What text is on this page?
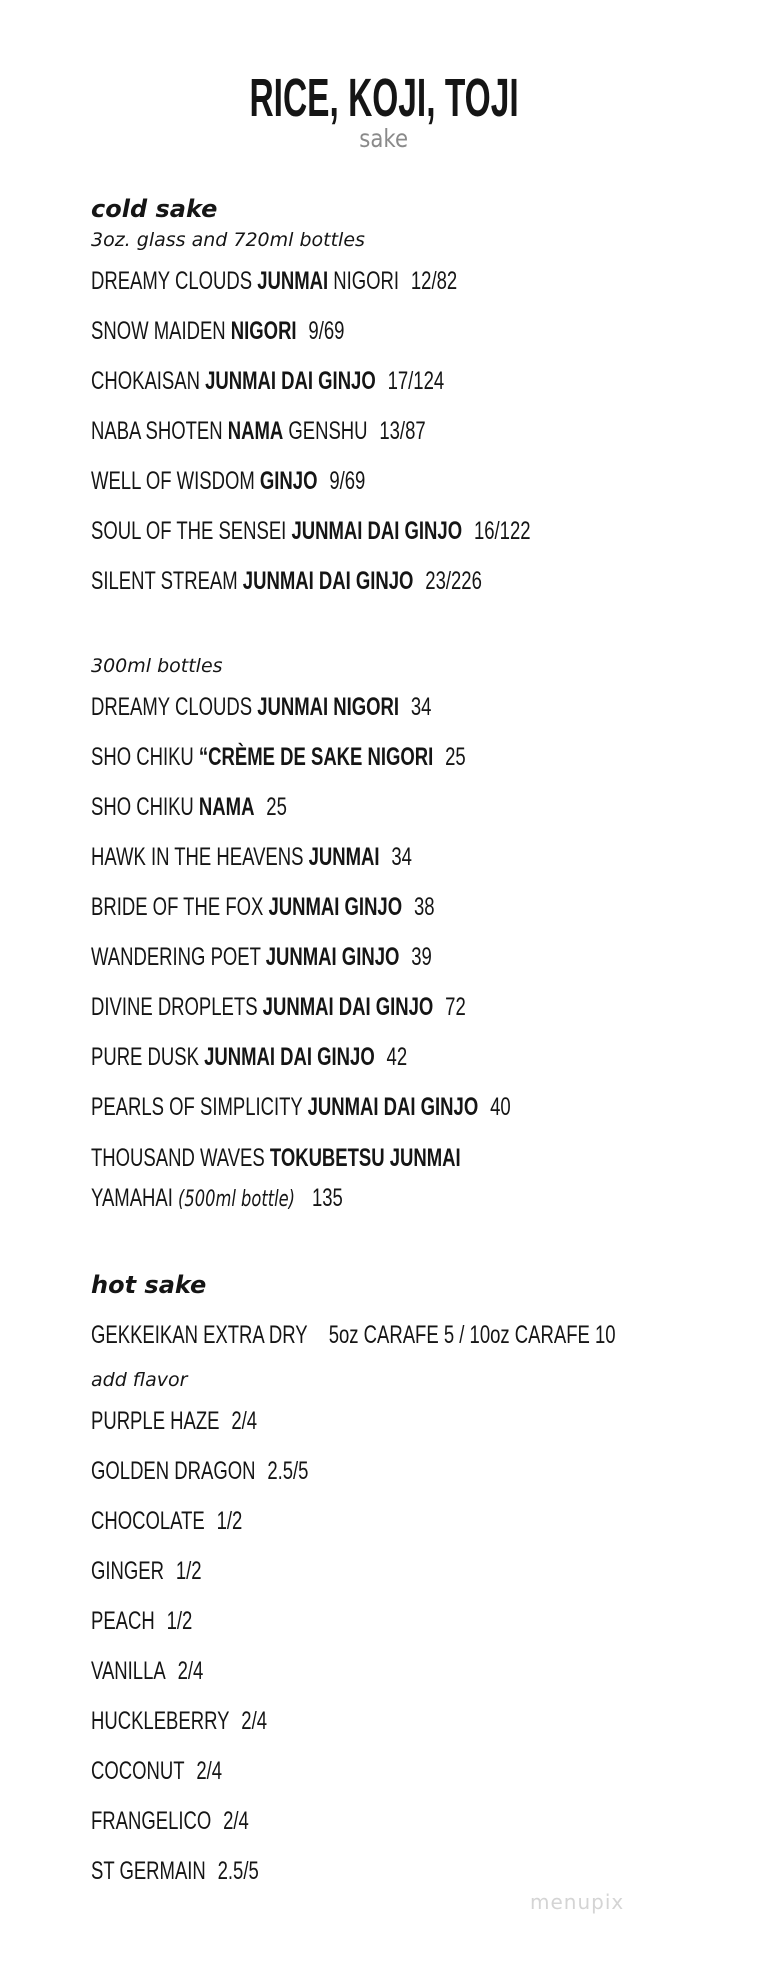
RICE, KOJI, TOJI
sake
cold sake
3oz. glass and 720ml bottles
DREAMY CLOUDS JUNMAI NIGORI 12/82
SNOW MAIDEN NIGORI 9/69
CHOKAISAN JUNMAI DAI GINJO 17/124
NABA SHOTEN NAMA GENSHU 13/87
WELL OF WISDOM GINJO 9/69
SOUL OF THE SENSEI JUNMAI DAI GINJO 16/122
SILENT STREAM JUNMAI DAI GINJO 23/226
300ml bottles
DREAMY CLOUDS JUNMAI NIGORI 34
SHO CHIKU “CRÈME DE SAKE NIGORI 25
SHO CHIKU NAMA 25
HAWK IN THE HEAVENS JUNMAI 34
BRIDE OF THE FOX JUNMAI GINJO 38
WANDERING POET JUNMAI GINJO 39
DIVINE DROPLETS JUNMAI DAI GINJO 72
PURE DUSK JUNMAI DAI GINJO 42
PEARLS OF SIMPLICITY JUNMAI DAI GINJO 40
THOUSAND WAVES TOKUBETSU JUNMAI
YAMAHAI (500ml bottle) 135
hot sake
GEKKEIKAN EXTRA DRY 5oz CARAFE 5 / 10oz CARAFE 10
add flavor
PURPLE HAZE 2/4
GOLDEN DRAGON 2.5/5
CHOCOLATE 1/2
GINGER 1/2
PEACH 1/2
VANILLA 2/4
HUCKLEBERRY 2/4
COCONUT 2/4
FRANGELICO 2/4
ST GERMAIN 2.5/5
menupix
